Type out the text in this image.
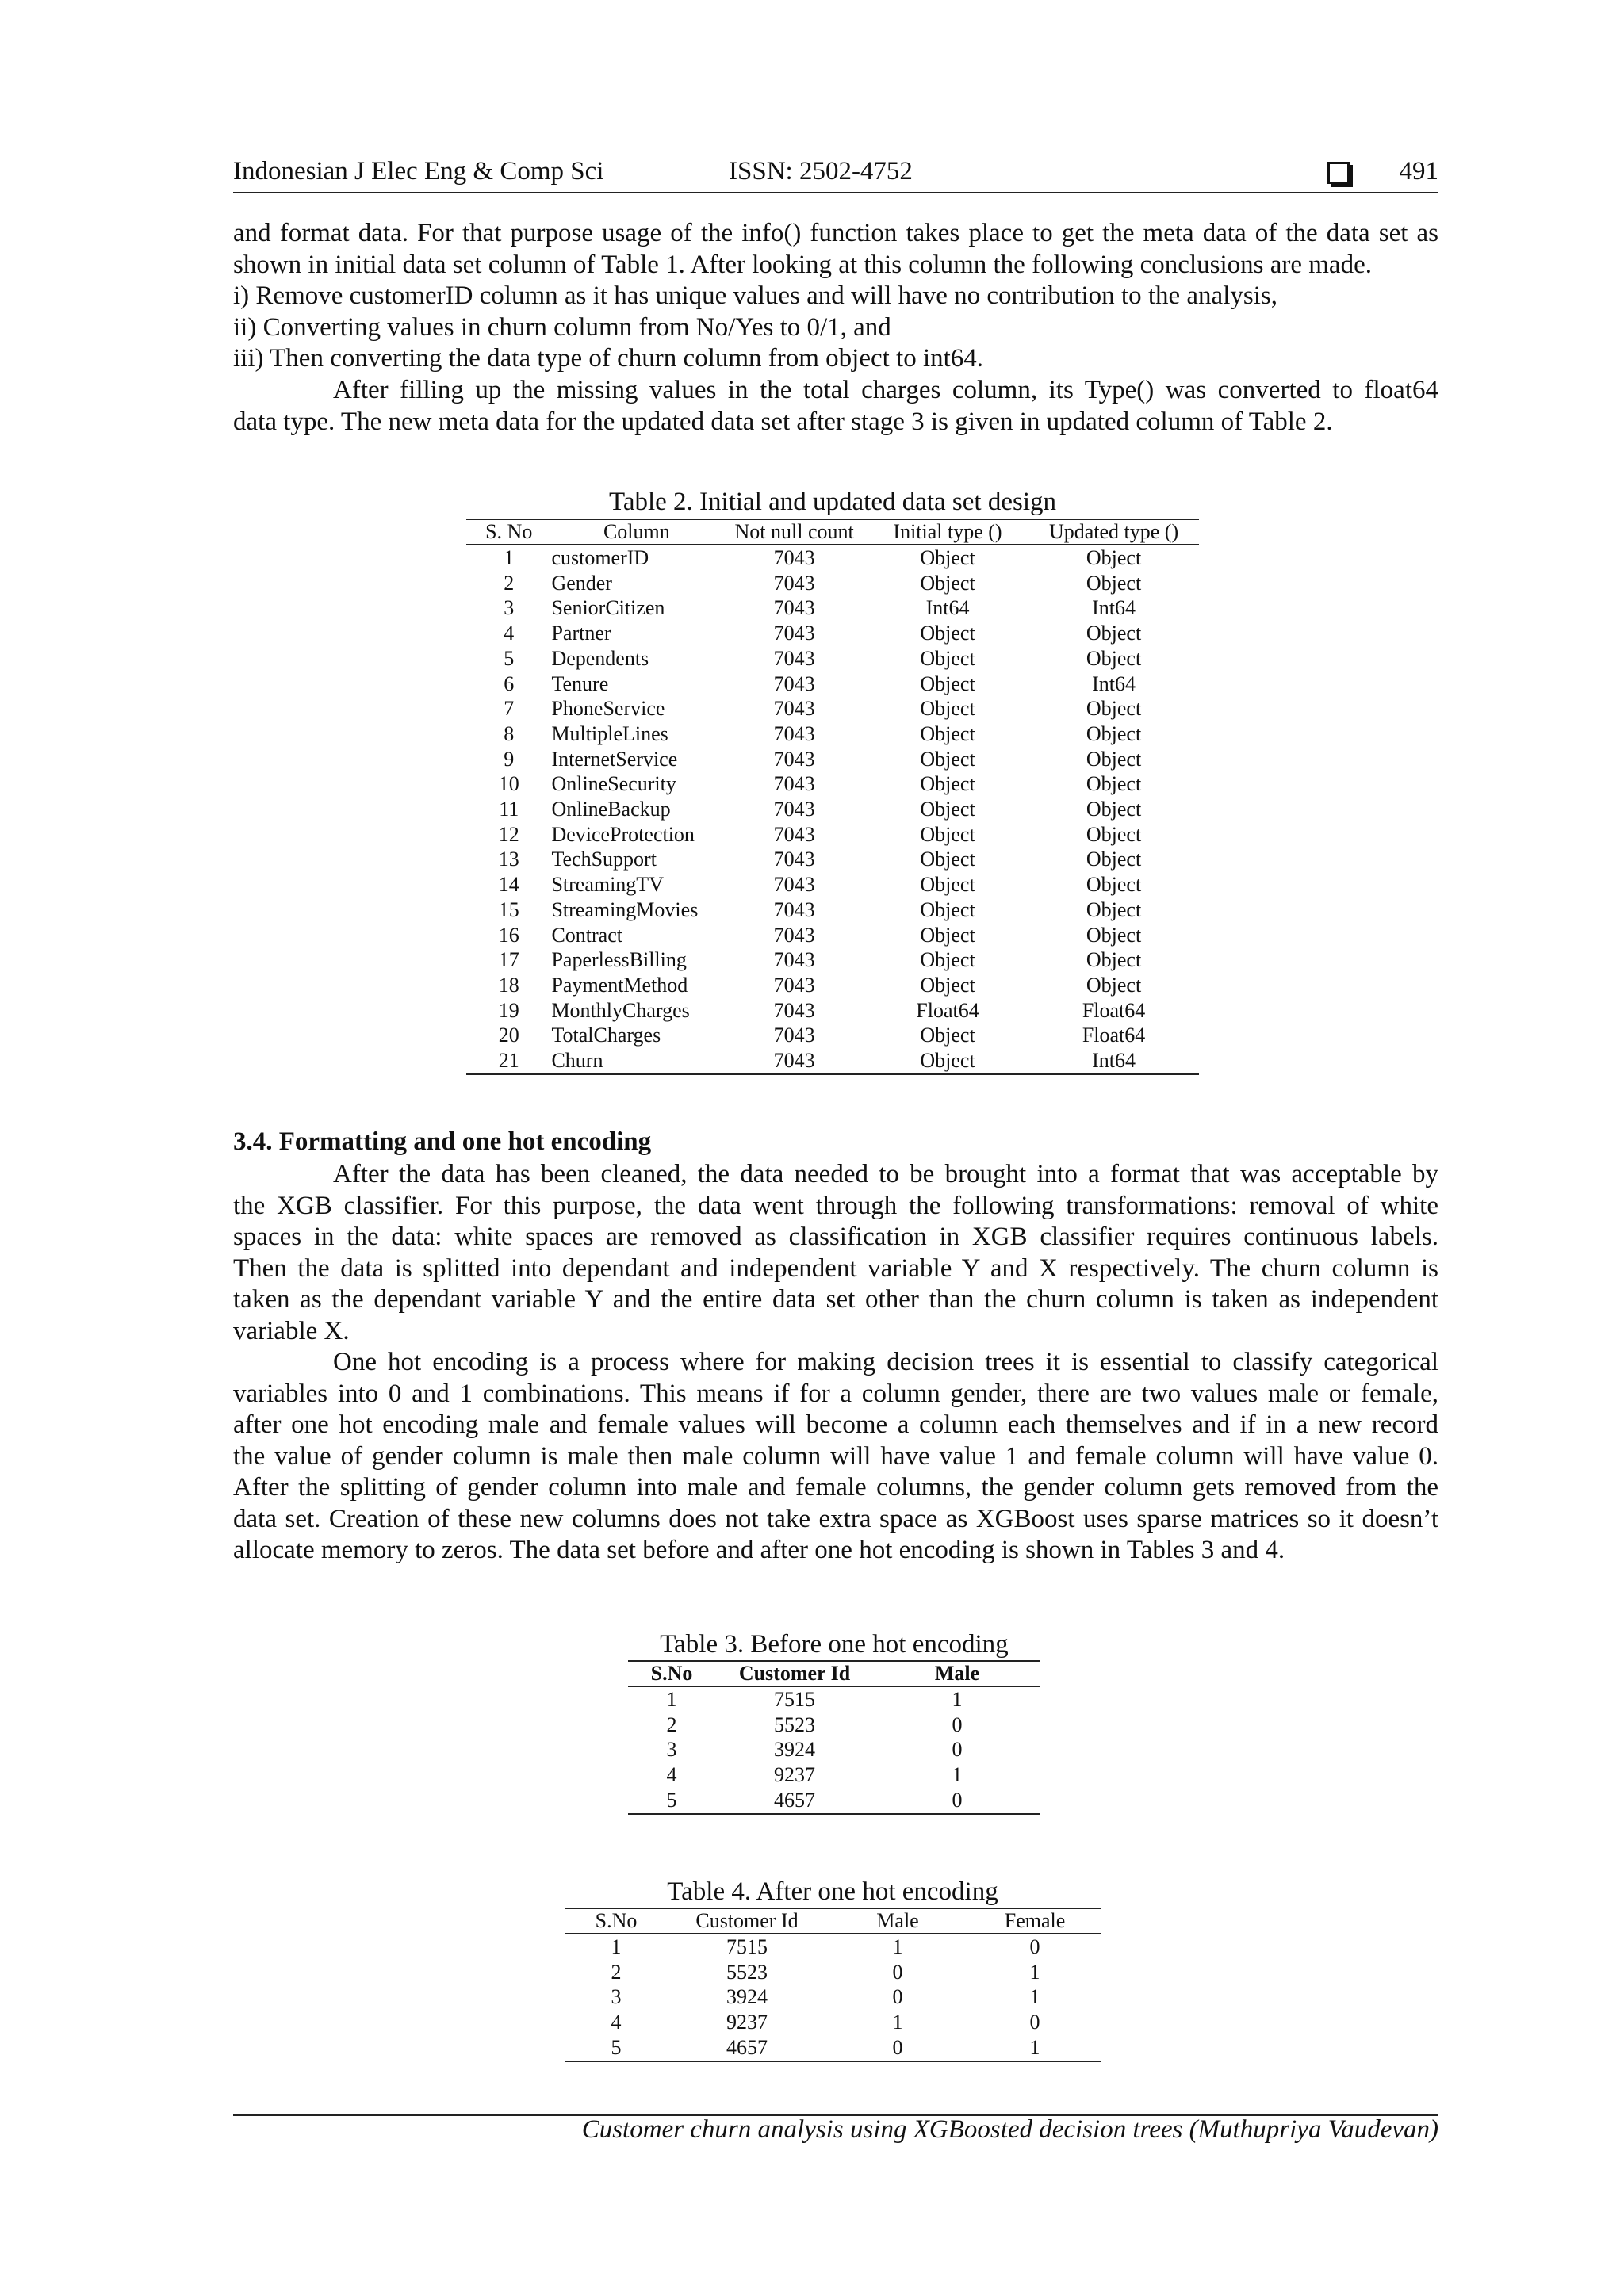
Indonesian J Elec Eng & Comp Sci	ISSN: 2502-4752	491
and format data. For that purpose usage of the info() function takes place to get the meta data of the data set as
shown in initial data set column of Table 1. After looking at this column the following conclusions are made.
i) Remove customerID column as it has unique values and will have no contribution to the analysis,
ii) Converting values in churn column from No/Yes to 0/1, and
iii) Then converting the data type of churn column from object to int64.
After filling up the missing values in the total charges column, its Type() was converted to float64
data type. The new meta data for the updated data set after stage 3 is given in updated column of Table 2.
Table 2. Initial and updated data set design
S. No	Column	Not null count	Initial type ()	Updated type ()
1	customerID	7043	Object	Object
2	Gender	7043	Object	Object
3	SeniorCitizen	7043	Int64	Int64
4	Partner	7043	Object	Object
5	Dependents	7043	Object	Object
6	Tenure	7043	Object	Int64
7	PhoneService	7043	Object	Object
8	MultipleLines	7043	Object	Object
9	InternetService	7043	Object	Object
10	OnlineSecurity	7043	Object	Object
11	OnlineBackup	7043	Object	Object
12	DeviceProtection	7043	Object	Object
13	TechSupport	7043	Object	Object
14	StreamingTV	7043	Object	Object
15	StreamingMovies	7043	Object	Object
16	Contract	7043	Object	Object
17	PaperlessBilling	7043	Object	Object
18	PaymentMethod	7043	Object	Object
19	MonthlyCharges	7043	Float64	Float64
20	TotalCharges	7043	Object	Float64
21	Churn	7043	Object	Int64
3.4. Formatting and one hot encoding
After the data has been cleaned, the data needed to be brought into a format that was acceptable by
the XGB classifier. For this purpose, the data went through the following transformations: removal of white
spaces in the data: white spaces are removed as classification in XGB classifier requires continuous labels.
Then the data is splitted into dependant and independent variable Y and X respectively. The churn column is
taken as the dependant variable Y and the entire data set other than the churn column is taken as independent
variable X.
One hot encoding is a process where for making decision trees it is essential to classify categorical
variables into 0 and 1 combinations. This means if for a column gender, there are two values male or female,
after one hot encoding male and female values will become a column each themselves and if in a new record
the value of gender column is male then male column will have value 1 and female column will have value 0.
After the splitting of gender column into male and female columns, the gender column gets removed from the
data set. Creation of these new columns does not take extra space as XGBoost uses sparse matrices so it doesn’t
allocate memory to zeros. The data set before and after one hot encoding is shown in Tables 3 and 4.
Table 3. Before one hot encoding
S.No	Customer Id	Male
1	7515	1
2	5523	0
3	3924	0
4	9237	1
5	4657	0
Table 4. After one hot encoding
S.No	Customer Id	Male	Female
1	7515	1	0
2	5523	0	1
3	3924	0	1
4	9237	1	0
5	4657	0	1
Customer churn analysis using XGBoosted decision trees (Muthupriya Vaudevan)
